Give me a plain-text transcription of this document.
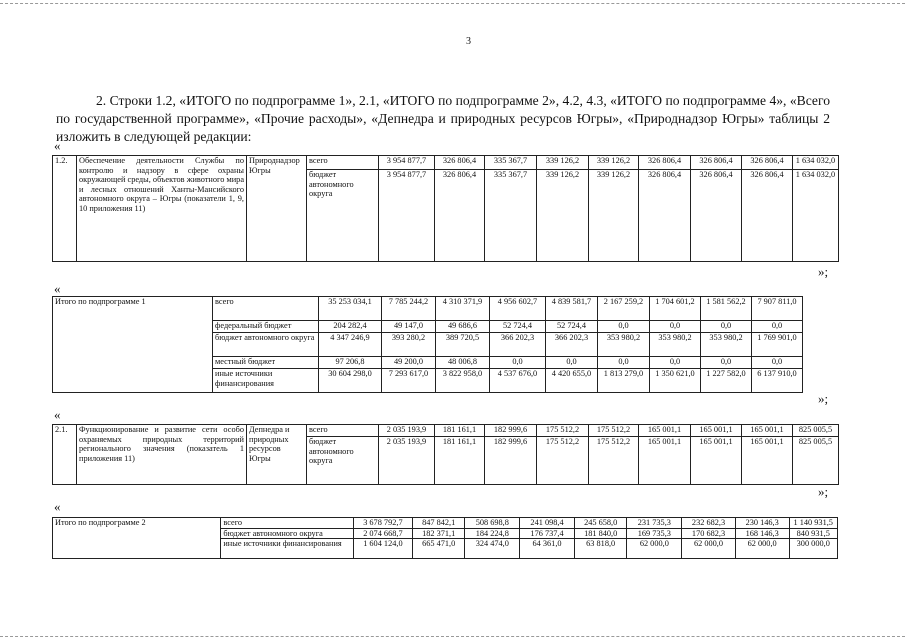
3
2. Строки 1.2, «ИТОГО по подпрограмме 1», 2.1, «ИТОГО по подпрограмме 2», 4.2, 4.3, «ИТОГО по подпрограмме 4», «Всего по государственной программе», «Прочие расходы», «Депнедра и природных ресурсов Югры», «Природнадзор Югры» таблицы 2 изложить в следующей редакции:
«
1.2.	Обеспечение деятельности Службы по контролю и надзору в сфере охраны окружающей среды, объектов животного мира и лесных отношений Ханты-Мансийского автономного округа – Югры (показатели 1, 9, 10 приложения 11)	Природнадзор Югры	всего	3 954 877,7	326 806,4	335 367,7	339 126,2	339 126,2	326 806,4	326 806,4	326 806,4	1 634 032,0
			бюджет автономного округа	3 954 877,7	326 806,4	335 367,7	339 126,2	339 126,2	326 806,4	326 806,4	326 806,4	1 634 032,0
»;
«
Итого по подпрограмме 1	всего	35 253 034,1	7 785 244,2	4 310 371,9	4 956 602,7	4 839 581,7	2 167 259,2	1 704 601,2	1 581 562,2	7 907 811,0
	федеральный бюджет	204 282,4	49 147,0	49 686,6	52 724,4	52 724,4	0,0	0,0	0,0	0,0
	бюджет автономного округа	4 347 246,9	393 280,2	389 720,5	366 202,3	366 202,3	353 980,2	353 980,2	353 980,2	1 769 901,0
	местный бюджет	97 206,8	49 200,0	48 006,8	0,0	0,0	0,0	0,0	0,0	0,0
	иные источники финансирования	30 604 298,0	7 293 617,0	3 822 958,0	4 537 676,0	4 420 655,0	1 813 279,0	1 350 621,0	1 227 582,0	6 137 910,0
»;
«
2.1.	Функционирование и развитие сети особо охраняемых природных территорий регионального значения (показатель 1 приложения 11)	Депнедра и природных ресурсов Югры	всего	2 035 193,9	181 161,1	182 999,6	175 512,2	175 512,2	165 001,1	165 001,1	165 001,1	825 005,5
			бюджет автономного округа	2 035 193,9	181 161,1	182 999,6	175 512,2	175 512,2	165 001,1	165 001,1	165 001,1	825 005,5
»;
«
Итого по подпрограмме 2	всего	3 678 792,7	847 842,1	508 698,8	241 098,4	245 658,0	231 735,3	232 682,3	230 146,3	1 140 931,5
	бюджет автономного округа	2 074 668,7	182 371,1	184 224,8	176 737,4	181 840,0	169 735,3	170 682,3	168 146,3	840 931,5
	иные источники финансирования	1 604 124,0	665 471,0	324 474,0	64 361,0	63 818,0	62 000,0	62 000,0	62 000,0	300 000,0
